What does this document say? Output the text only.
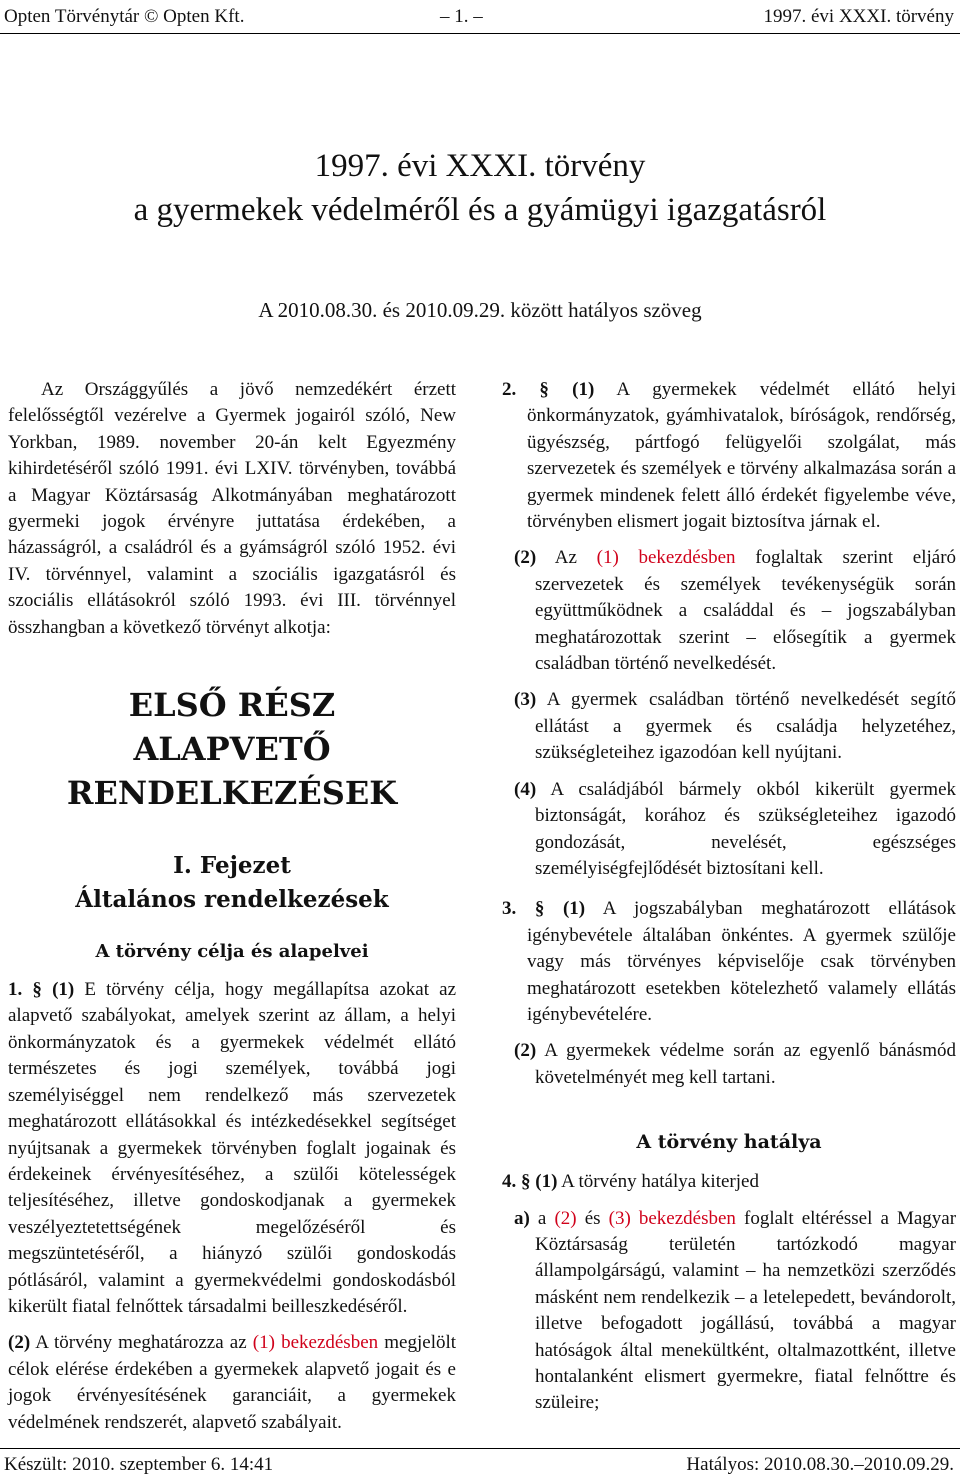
Opten Törvénytár © Opten Kft.	– 1. –	1997. évi XXXI. törvény
1997. évi XXXI. törvény
a gyermekek védelméről és a gyámügyi igazgatásról
A 2010.08.30. és 2010.09.29. között hatályos szöveg

Az Országgyűlés a jövő nemzedékért érzett felelősségtől vezérelve a Gyermek jogairól szóló, New Yorkban, 1989. november 20-án kelt Egyezmény kihirdetéséről szóló 1991. évi LXIV. törvényben, továbbá a Magyar Köztársaság Alkotmányában meghatározott gyermeki jogok érvényre juttatása érdekében, a házasságról, a családról és a gyámságról szóló 1952. évi IV. törvénnyel, valamint a szociális igazgatásról és szociális ellátásokról szóló 1993. évi III. törvénnyel összhangban a következő törvényt alkotja:

ELSŐ RÉSZ
ALAPVETŐ
RENDELKEZÉSEK
I. Fejezet
Általános rendelkezések
A törvény célja és alapelvei

1. § (1) E törvény célja, hogy megállapítsa azokat az alapvető szabályokat, amelyek szerint az állam, a helyi önkormányzatok és a gyermekek védelmét ellátó természetes és jogi személyek, továbbá jogi személyiséggel nem rendelkező más szervezetek meghatározott ellátásokkal és intézkedésekkel segítséget nyújtsanak a gyermekek törvényben foglalt jogainak és érdekeinek érvényesítéséhez, a szülői kötelességek teljesítéséhez, illetve gondoskodjanak a gyermekek veszélyeztetettségének megelőzéséről és megszüntetéséről, a hiányzó szülői gondoskodás pótlásáról, valamint a gyermekvédelmi gondoskodásból kikerült fiatal felnőttek társadalmi beilleszkedéséről.

(2) A törvény meghatározza az (1) bekezdésben megjelölt célok elérése érdekében a gyermekek alapvető jogait és e jogok érvényesítésének garanciáit, a gyermekek védelmének rendszerét, alapvető szabályait.

2. § (1) A gyermekek védelmét ellátó helyi önkormányzatok, gyámhivatalok, bíróságok, rendőrség, ügyészség, pártfogó felügyelői szolgálat, más szervezetek és személyek e törvény alkalmazása során a gyermek mindenek felett álló érdekét figyelembe véve, törvényben elismert jogait biztosítva járnak el.

(2) Az (1) bekezdésben foglaltak szerint eljáró szervezetek és személyek tevékenységük során együttműködnek a családdal és – jogszabályban meghatározottak szerint – elősegítik a gyermek családban történő nevelkedését.

(3) A gyermek családban történő nevelkedését segítő ellátást a gyermek és családja helyzetéhez, szükségleteihez igazodóan kell nyújtani.

(4) A családjából bármely okból kikerült gyermek biztonságát, korához és szükségleteihez igazodó gondozását, nevelését, egészséges személyiségfejlődését biztosítani kell.

3. § (1) A jogszabályban meghatározott ellátások igénybevétele általában önkéntes. A gyermek szülője vagy más törvényes képviselője csak törvényben meghatározott esetekben kötelezhető valamely ellátás igénybevételére.

(2) A gyermekek védelme során az egyenlő bánásmód követelményét meg kell tartani.

A törvény hatálya

4. § (1) A törvény hatálya kiterjed

a) a (2) és (3) bekezdésben foglalt eltéréssel a Magyar Köztársaság területén tartózkodó magyar állampolgárságú, valamint – ha nemzetközi szerződés másként nem rendelkezik – a letelepedett, bevándorolt, illetve befogadott jogállású, továbbá a magyar hatóságok által menekültként, oltalmazottként, illetve hontalanként elismert gyermekre, fiatal felnőttre és szüleire;

Készült: 2010. szeptember 6. 14:41	Hatályos: 2010.08.30.–2010.09.29.
